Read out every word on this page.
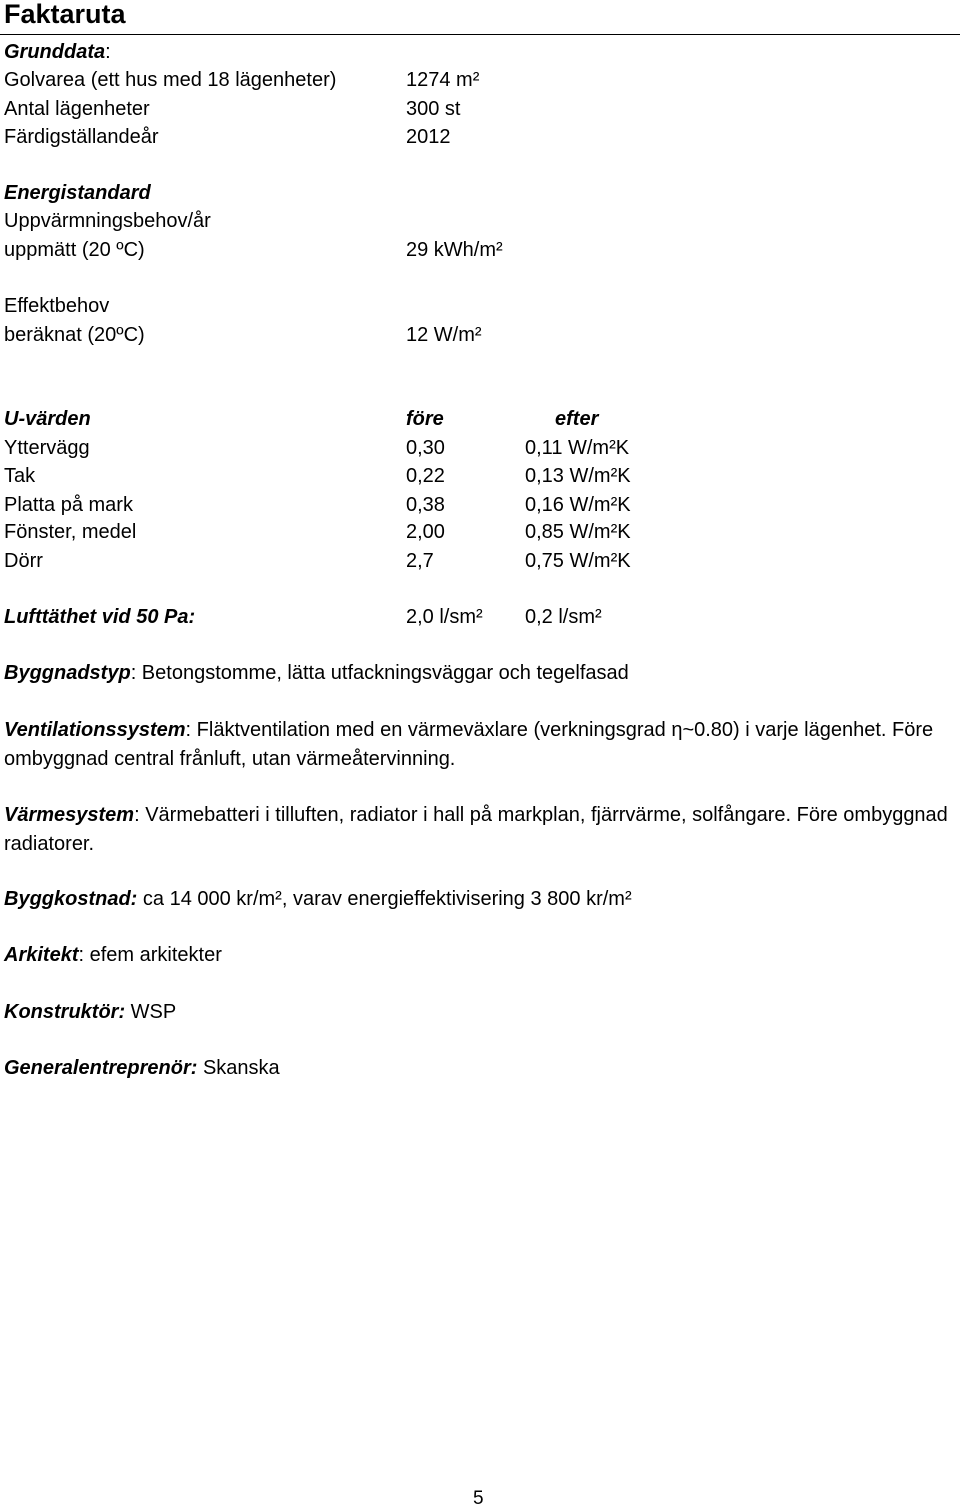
Faktaruta
Grunddata:
Golvarea (ett hus med 18 lägenheter)	1274 m²
Antal lägenheter	300 st
Färdigställandeår	2012
Energistandard
Uppvärmningsbehov/år
uppmätt (20 ºC)	29 kWh/m²
Effektbehov
beräknat (20ºC)	12 W/m²
U-värden	före	efter
Yttervägg	0,30	0,11 W/m²K
Tak	0,22	0,13 W/m²K
Platta på mark	0,38	0,16 W/m²K
Fönster, medel	2,00	0,85 W/m²K
Dörr	2,7	0,75 W/m²K
Lufttäthet vid 50 Pa:	2,0 l/sm² 0,2 l/sm²
Byggnadstyp: Betongstomme, lätta utfackningsväggar och tegelfasad
Ventilationssystem: Fläktventilation med en värmeväxlare (verkningsgrad η~0.80) i varje lägenhet. Före ombyggnad central frånluft, utan värmeåtervinning.
Värmesystem: Värmebatteri i tilluften, radiator i hall på markplan, fjärrvärme, solfångare. Före ombyggnad radiatorer.
Byggkostnad: ca 14 000 kr/m², varav energieffektivisering 3 800 kr/m²
Arkitekt: efem arkitekter
Konstruktör: WSP
Generalentreprenör: Skanska
5
